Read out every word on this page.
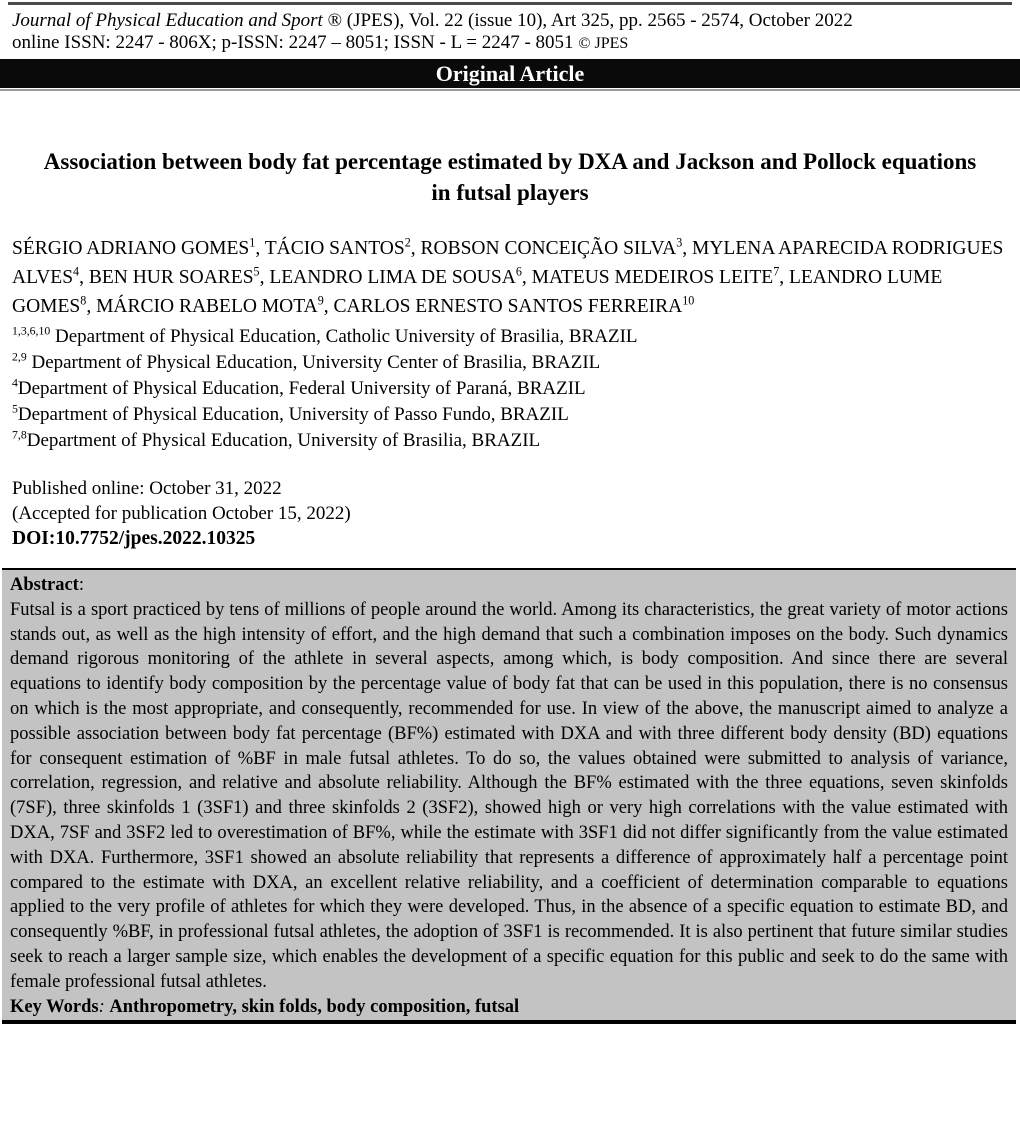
Journal of Physical Education and Sport ® (JPES), Vol. 22 (issue 10), Art 325, pp. 2565 - 2574, October 2022
online ISSN: 2247 - 806X; p-ISSN: 2247 – 8051; ISSN - L = 2247 - 8051 © JPES
Original Article
Association between body fat percentage estimated by DXA and Jackson and Pollock equations in futsal players

SÉRGIO ADRIANO GOMES$^1$, TÁCIO SANTOS$^2$, ROBSON CONCEIÇÃO SILVA$^3$, MYLENA APARECIDA RODRIGUES ALVES$^4$, BEN HUR SOARES$^5$, LEANDRO LIMA DE SOUSA$^6$, MATEUS MEDEIROS LEITE$^7$, LEANDRO LUME GOMES$^8$, MÁRCIO RABELO MOTA$^9$, CARLOS ERNESTO SANTOS FERREIRA$^{10}$

$^{1,3,6,10}$ Department of Physical Education, Catholic University of Brasilia, BRAZIL
$^{2,9}$ Department of Physical Education, University Center of Brasilia, BRAZIL
$^4$Department of Physical Education, Federal University of Paraná, BRAZIL
$^5$Department of Physical Education, University of Passo Fundo, BRAZIL
$^{7,8}$Department of Physical Education, University of Brasilia, BRAZIL
Published online: October 31, 2022
(Accepted for publication October 15, 2022)
DOI:10.7752/jpes.2022.10325
Abstract:
Futsal is a sport practiced by tens of millions of people around the world. Among its characteristics, the great variety of motor actions stands out, as well as the high intensity of effort, and the high demand that such a combination imposes on the body. Such dynamics demand rigorous monitoring of the athlete in several aspects, among which, is body composition. And since there are several equations to identify body composition by the percentage value of body fat that can be used in this population, there is no consensus on which is the most appropriate, and consequently, recommended for use. In view of the above, the manuscript aimed to analyze a possible association between body fat percentage (BF%) estimated with DXA and with three different body density (BD) equations for consequent estimation of %BF in male futsal athletes. To do so, the values obtained were submitted to analysis of variance, correlation, regression, and relative and absolute reliability. Although the BF% estimated with the three equations, seven skinfolds (7SF), three skinfolds 1 (3SF1) and three skinfolds 2 (3SF2), showed high or very high correlations with the value estimated with DXA, 7SF and 3SF2 led to overestimation of BF%, while the estimate with 3SF1 did not differ significantly from the value estimated with DXA. Furthermore, 3SF1 showed an absolute reliability that represents a difference of approximately half a percentage point compared to the estimate with DXA, an excellent relative reliability, and a coefficient of determination comparable to equations applied to the very profile of athletes for which they were developed. Thus, in the absence of a specific equation to estimate BD, and consequently %BF, in professional futsal athletes, the adoption of 3SF1 is recommended. It is also pertinent that future similar studies seek to reach a larger sample size, which enables the development of a specific equation for this public and seek to do the same with female professional futsal athletes.
Key Words: Anthropometry, skin folds, body composition, futsal
